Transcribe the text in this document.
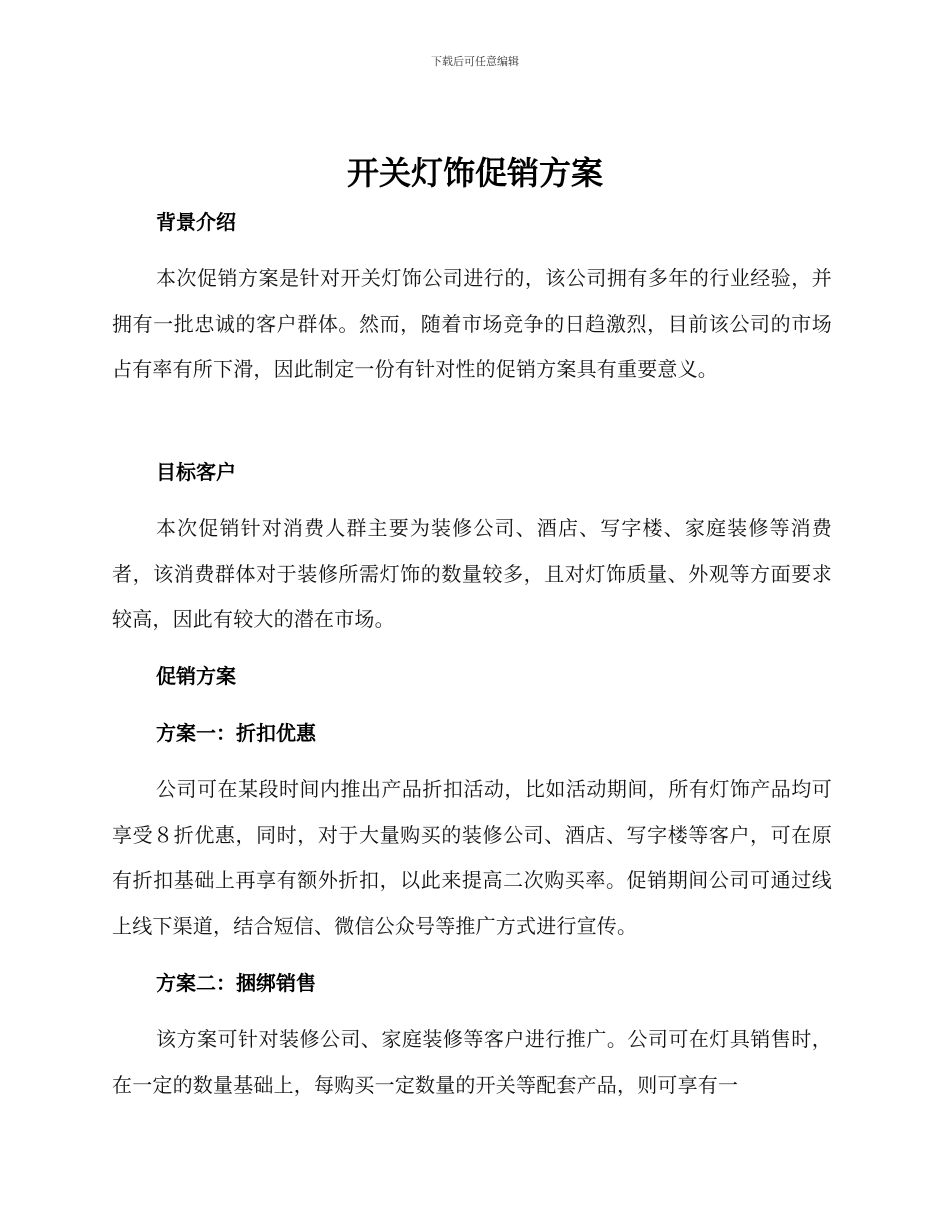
下载后可任意编辑
开关灯饰促销方案
背景介绍

本次促销方案是针对开关灯饰公司进行的，该公司拥有多年的行业经验，并拥有一批忠诚的客户群体。然而，随着市场竞争的日趋激烈，目前该公司的市场占有率有所下滑，因此制定一份有针对性的促销方案具有重要意义。

目标客户

本次促销针对消费人群主要为装修公司、酒店、写字楼、家庭装修等消费者，该消费群体对于装修所需灯饰的数量较多，且对灯饰质量、外观等方面要求较高，因此有较大的潜在市场。

促销方案
方案一：折扣优惠

公司可在某段时间内推出产品折扣活动，比如活动期间，所有灯饰产品均可享受８折优惠，同时，对于大量购买的装修公司、酒店、写字楼等客户，可在原有折扣基础上再享有额外折扣，以此来提高二次购买率。促销期间公司可通过线上线下渠道，结合短信、微信公众号等推广方式进行宣传。

方案二：捆绑销售

该方案可针对装修公司、家庭装修等客户进行推广。公司可在灯具销售时，在一定的数量基础上，每购买一定数量的开关等配套产品，则可享有一
